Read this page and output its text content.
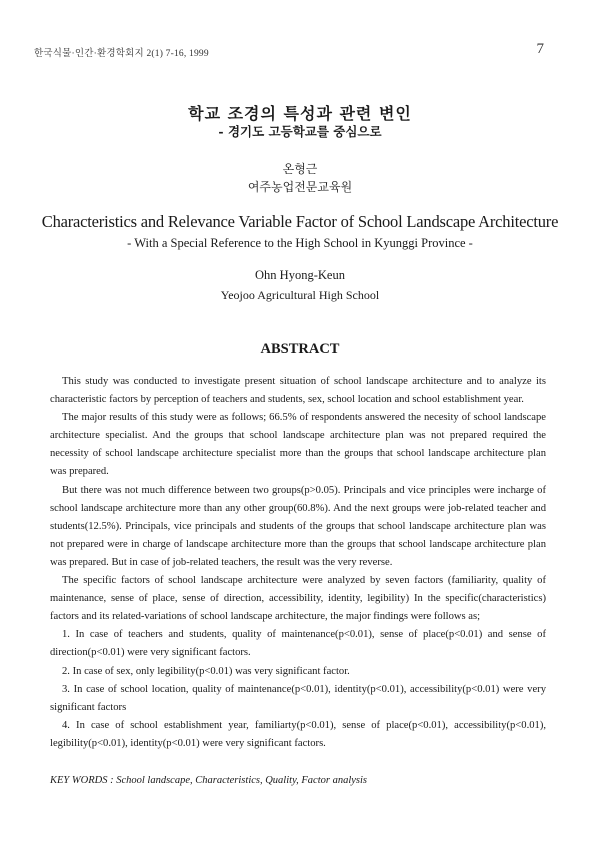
한국식물·인간·환경학회지 2(1) 7-16, 1999	7
학교 조경의 특성과 관련 변인
- 경기도 고등학교를 중심으로
온형근
여주농업전문교육원
Characteristics and Relevance Variable Factor of School Landscape Architecture
- With a Special Reference to the High School in Kyunggi Province -
Ohn Hyong-Keun
Yeojoo Agricultural High School
ABSTRACT

This study was conducted to investigate present situation of school landscape architecture and to analyze its characteristic factors by perception of teachers and students, sex, school location and school establishment year.

The major results of this study were as follows; 66.5% of respondents answered the necesity of school landscape architecture specialist. And the groups that school landscape architecture plan was not prepared required the necessity of school landscape architecture specialist more than the groups that school landscape architecture plan was prepared.

But there was not much difference between two groups(p>0.05). Principals and vice principles were incharge of school landscape architecture more than any other group(60.8%). And the next groups were job-related teacher and students(12.5%). Principals, vice principals and students of the groups that school landscape architecture plan was not prepared were in charge of landscape architecture more than the groups that school landscape architecture plan was prepared. But in case of job-related teachers, the result was the very reverse.

The specific factors of school landscape architecture were analyzed by seven factors (familiarity, quality of maintenance, sense of place, sense of direction, accessibility, identity, legibility) In the specific(characteristics) factors and its related-variations of school landscape architecture, the major findings were follows as;

1. In case of teachers and students, quality of maintenance(p<0.01), sense of place(p<0.01) and sense of direction(p<0.01) were very significant factors.

2. In case of sex, only legibility(p<0.01) was very significant factor.

3. In case of school location, quality of maintenance(p<0.01), identity(p<0.01), accessibility(p<0.01) were very significant factors

4. In case of school establishment year, familiarty(p<0.01), sense of place(p<0.01), accessibility(p<0.01), legibility(p<0.01), identity(p<0.01) were very significant factors.

KEY WORDS : School landscape, Characteristics, Quality, Factor analysis
